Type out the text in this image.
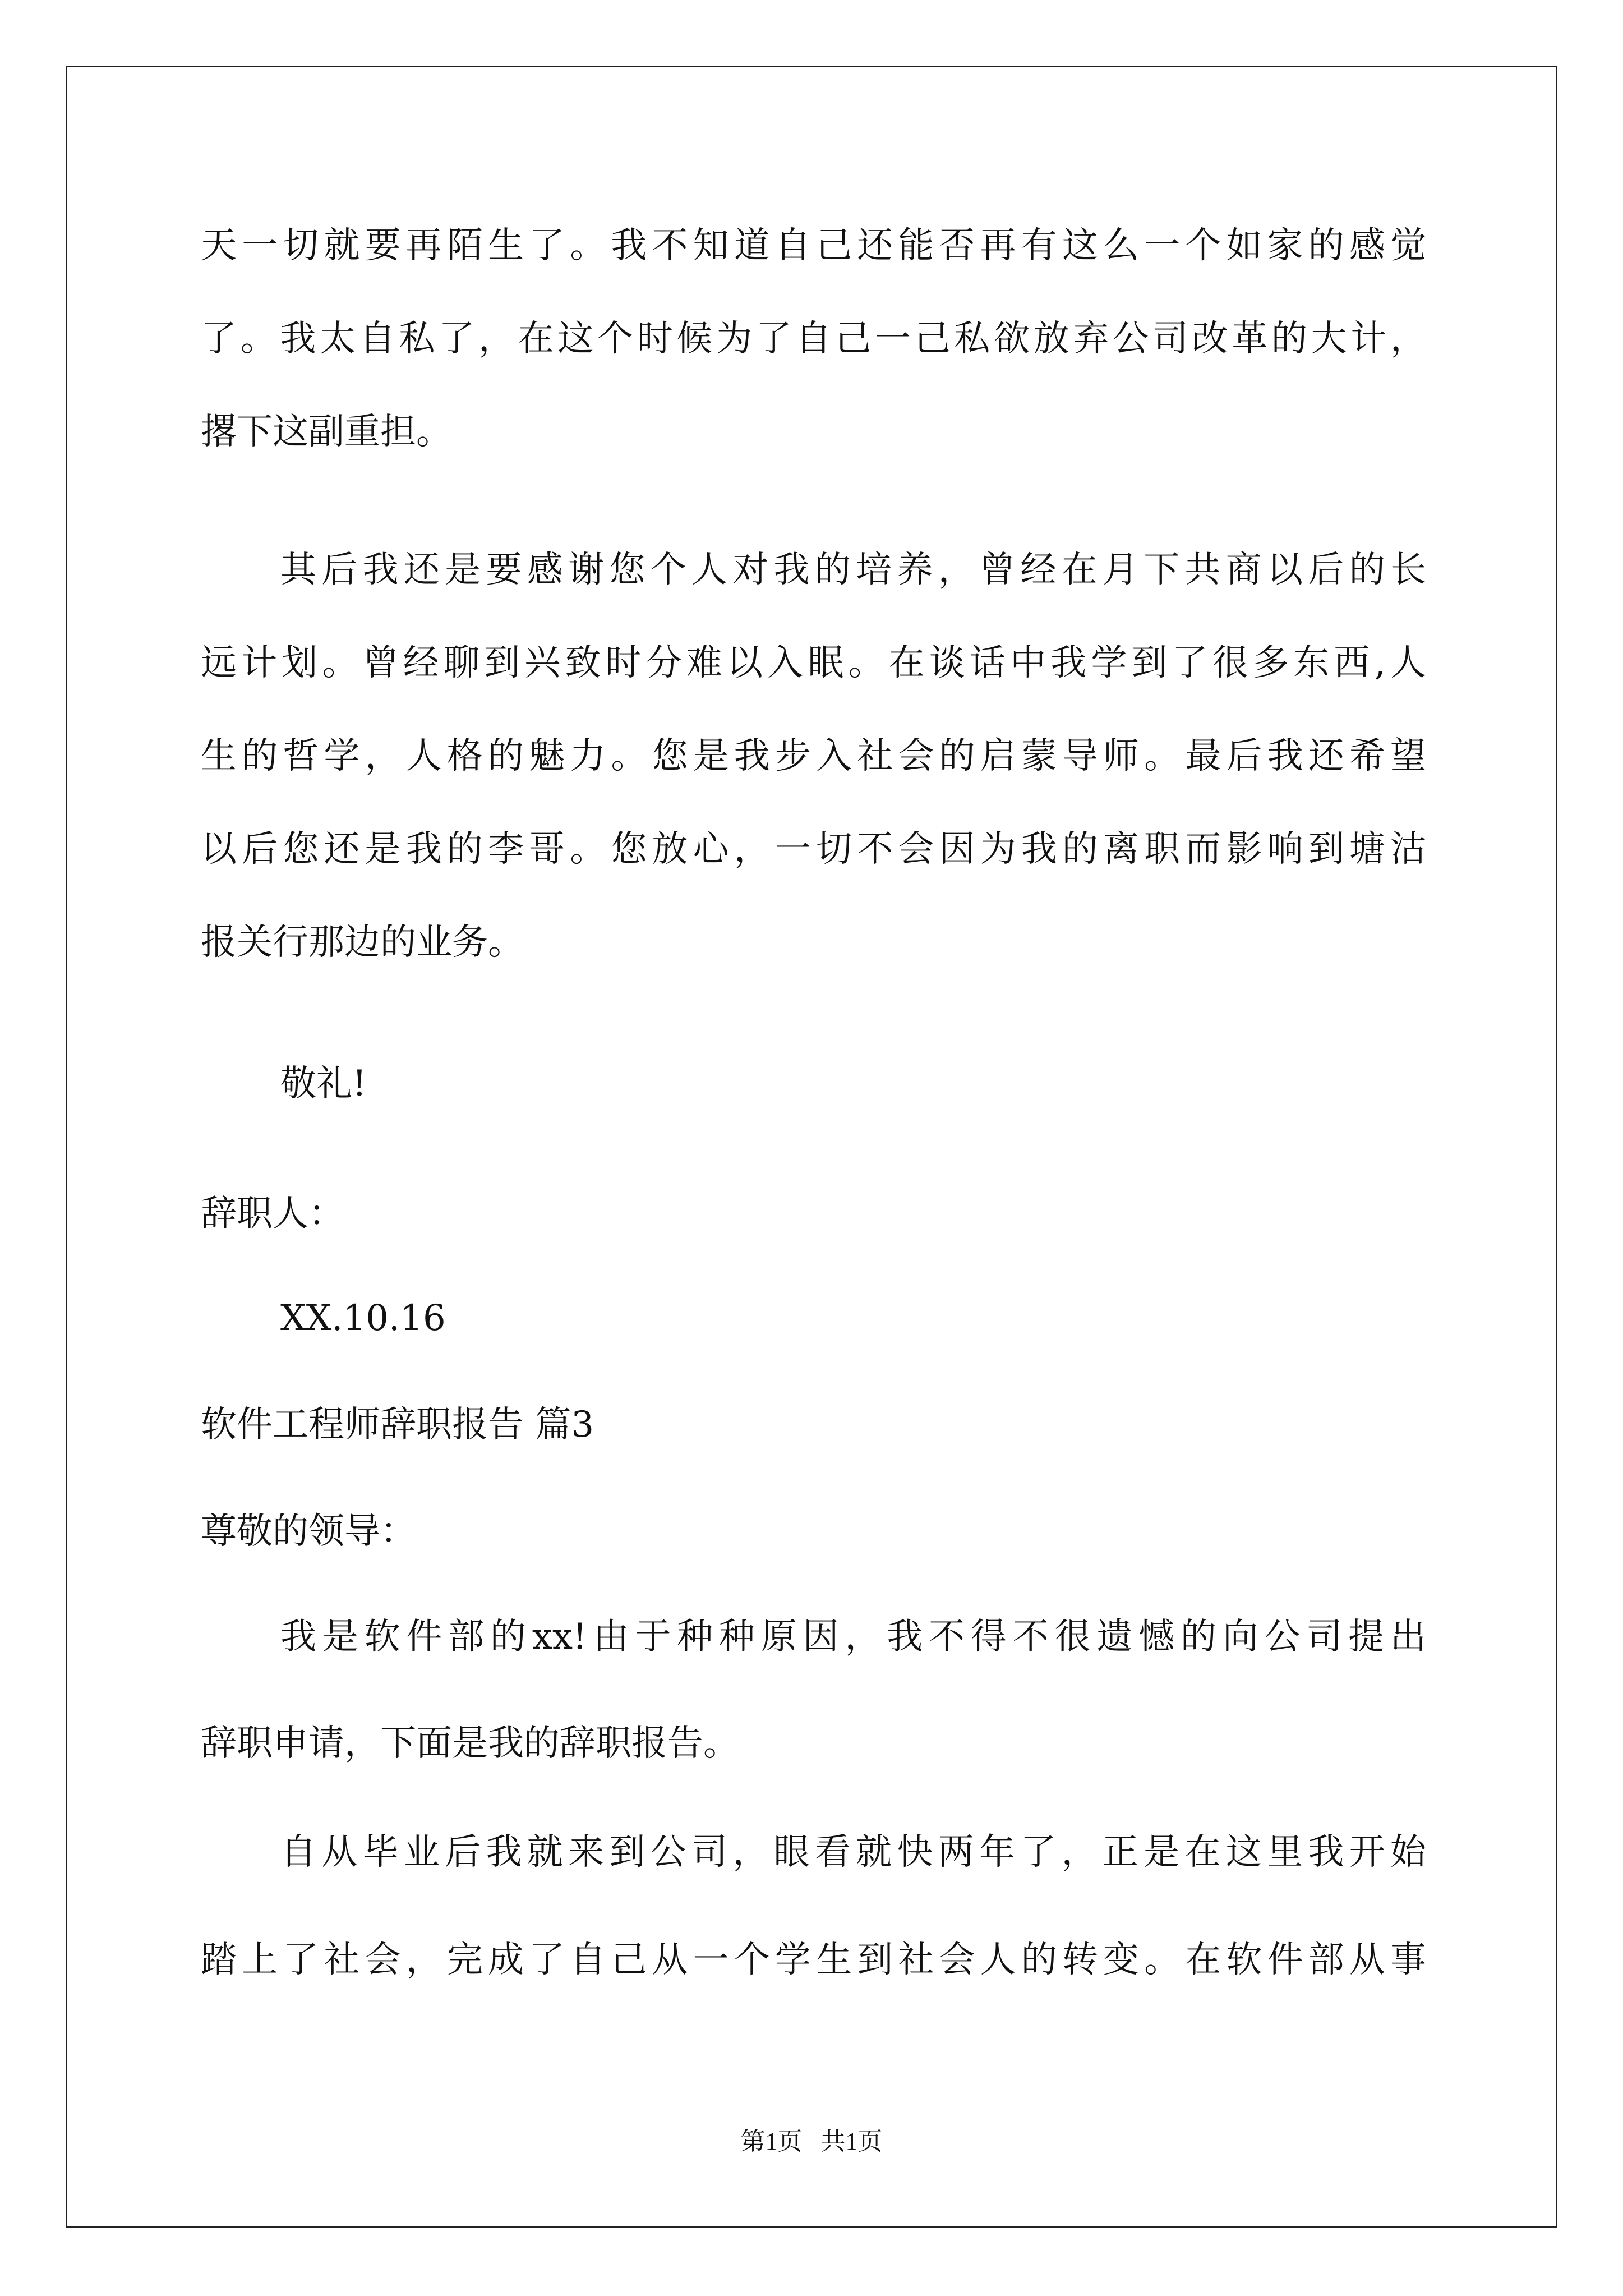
天一切就要再陌生了。我不知道自己还能否再有这么一个如家的感觉
了。我太自私了，在这个时候为了自己一己私欲放弃公司改革的大计，
撂下这副重担。
其后我还是要感谢您个人对我的培养，曾经在月下共商以后的长
远计划。曾经聊到兴致时分难以入眠。在谈话中我学到了很多东西,人
生的哲学，人格的魅力。您是我步入社会的启蒙导师。最后我还希望
以后您还是我的李哥。您放心，一切不会因为我的离职而影响到塘沽
报关行那边的业务。
敬礼!
辞职人：
XX.10.16
软件工程师辞职报告 篇3
尊敬的领导：
我是软件部的xx!由于种种原因，我不得不很遗憾的向公司提出
辞职申请，下面是我的辞职报告。
自从毕业后我就来到公司，眼看就快两年了，正是在这里我开始
踏上了社会，完成了自己从一个学生到社会人的转变。在软件部从事
第1页   共1页
